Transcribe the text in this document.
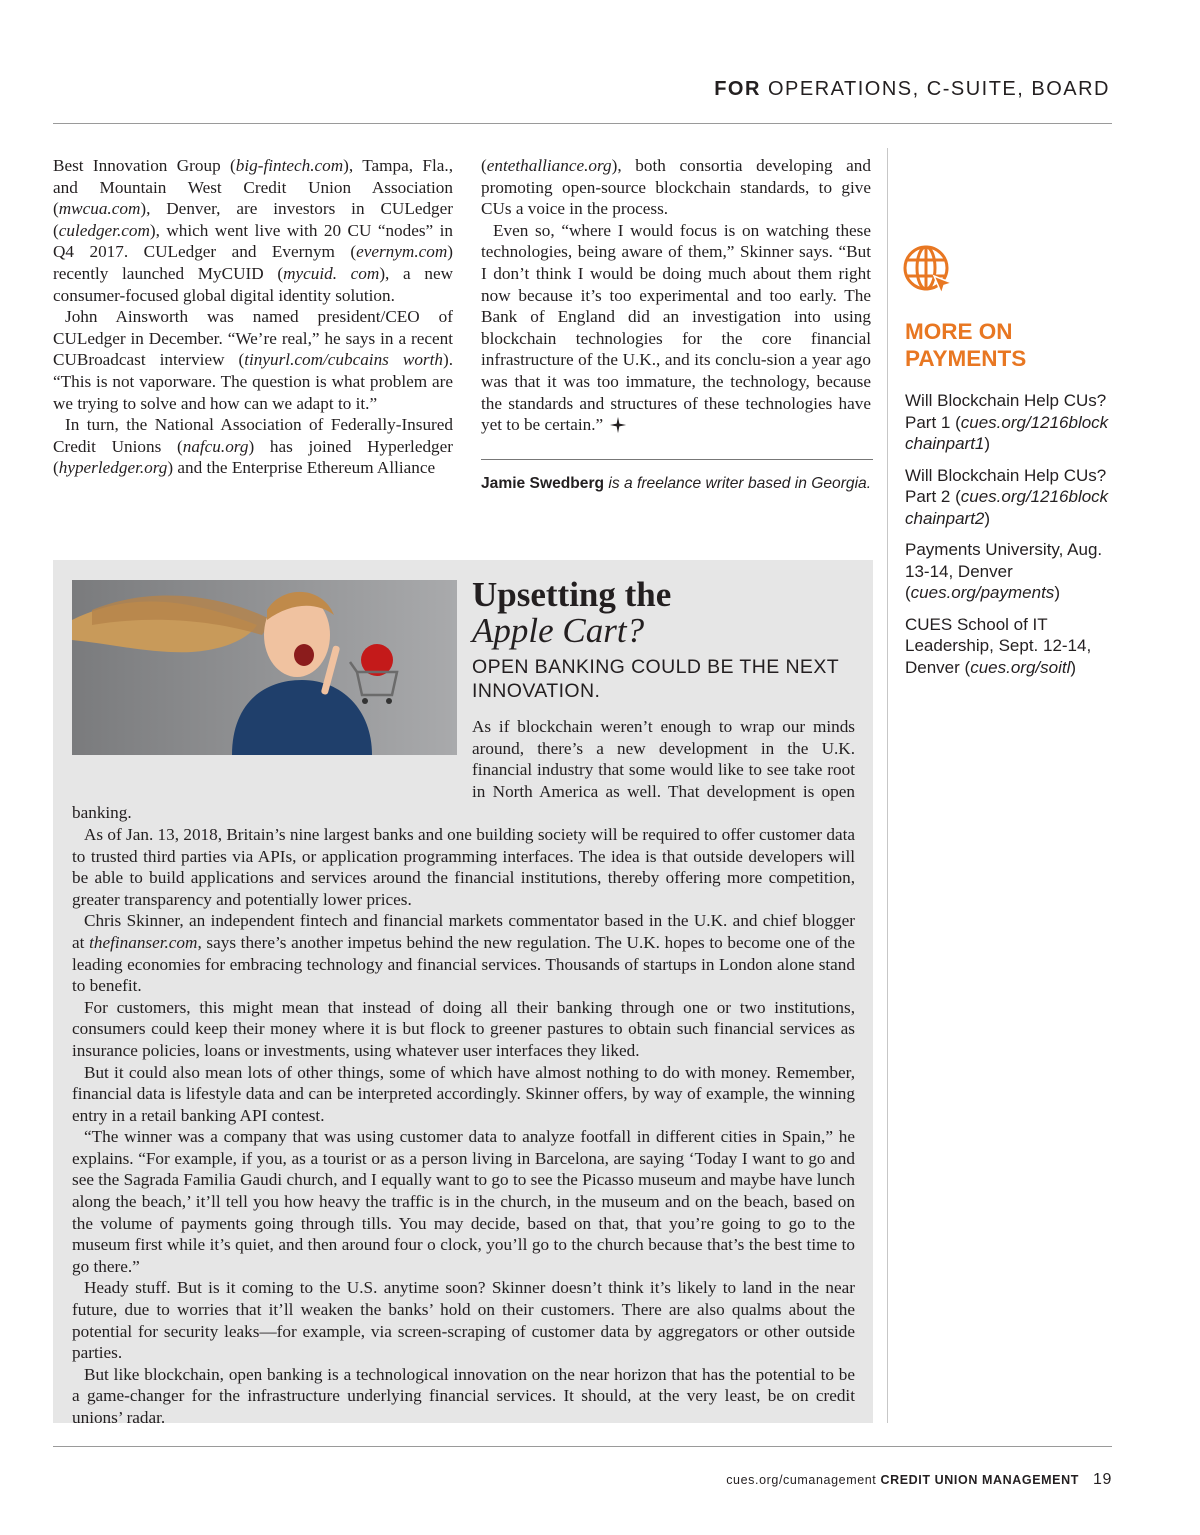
FOR OPERATIONS, C-SUITE, BOARD

Best Innovation Group (big-fintech.com), Tampa, Fla., and Mountain West Credit Union Association (mwcua.com), Denver, are investors in CULedger (culedger.com), which went live with 20 CU “nodes” in Q4 2017. CULedger and Evernym (evernym.com) recently launched MyCUID (mycuid. com), a new consumer-focused global digital identity solution.

John Ainsworth was named president/CEO of CULedger in December. “We’re real,” he says in a recent CUBroadcast interview (tinyurl.com/cubcains worth). “This is not vaporware. The question is what problem are we trying to solve and how can we adapt to it.”

In turn, the National Association of Federally-Insured Credit Unions (nafcu.org) has joined Hyperledger (hyperledger.org) and the Enterprise Ethereum Alliance

(entethalliance.org), both consortia developing and promoting open-source blockchain standards, to give CUs a voice in the process.

Even so, “where I would focus is on watching these technologies, being aware of them,” Skinner says. “But I don’t think I would be doing much about them right now because it’s too experimental and too early. The Bank of England did an investigation into using blockchain technologies for the core financial infrastructure of the U.K., and its conclu-sion a year ago was that it was too immature, the technology, because the standards and structures of these technologies have yet to be certain.”

Jamie Swedberg is a freelance writer based in Georgia.
MORE ON PAYMENTS
Will Blockchain Help CUs? Part 1 (cues.org/1216block chainpart1)
Will Blockchain Help CUs? Part 2 (cues.org/1216block chainpart2)
Payments University, Aug. 13-14, Denver (cues.org/payments)
CUES School of IT Leadership, Sept. 12-14, Denver (cues.org/soitl)
Upsetting the
Apple Cart?
OPEN BANKING COULD BE THE NEXT INNOVATION.

As if blockchain weren’t enough to wrap our minds around, there’s a new development in the U.K. financial industry that some would like to see take root in North America as well. That development is open banking.

As of Jan. 13, 2018, Britain’s nine largest banks and one building society will be required to offer customer data to trusted third parties via APIs, or application programming interfaces. The idea is that outside developers will be able to build applications and services around the financial institutions, thereby offering more competition, greater transparency and potentially lower prices.

Chris Skinner, an independent fintech and financial markets commentator based in the U.K. and chief blogger at thefinanser.com, says there’s another impetus behind the new regulation. The U.K. hopes to become one of the leading economies for embracing technology and financial services. Thousands of startups in London alone stand to benefit.

For customers, this might mean that instead of doing all their banking through one or two institutions, consumers could keep their money where it is but flock to greener pastures to obtain such financial services as insurance policies, loans or investments, using whatever user interfaces they liked.

But it could also mean lots of other things, some of which have almost nothing to do with money. Remember, financial data is lifestyle data and can be interpreted accordingly. Skinner offers, by way of example, the winning entry in a retail banking API contest.

“The winner was a company that was using customer data to analyze footfall in different cities in Spain,” he explains. “For example, if you, as a tourist or as a person living in Barcelona, are saying ‘Today I want to go and see the Sagrada Familia Gaudi church, and I equally want to go to see the Picasso museum and maybe have lunch along the beach,’ it’ll tell you how heavy the traffic is in the church, in the museum and on the beach, based on the volume of payments going through tills. You may decide, based on that, that you’re going to go to the museum first while it’s quiet, and then around four o clock, you’ll go to the church because that’s the best time to go there.”

Heady stuff. But is it coming to the U.S. anytime soon? Skinner doesn’t think it’s likely to land in the near future, due to worries that it’ll weaken the banks’ hold on their customers. There are also qualms about the potential for security leaks—for example, via screen-scraping of customer data by aggregators or other outside parties.

But like blockchain, open banking is a technological innovation on the near horizon that has the potential to be a game-changer for the infrastructure underlying financial services. It should, at the very least, be on credit unions’ radar.

cues.org/cumanagement CREDIT UNION MANAGEMENT 19
